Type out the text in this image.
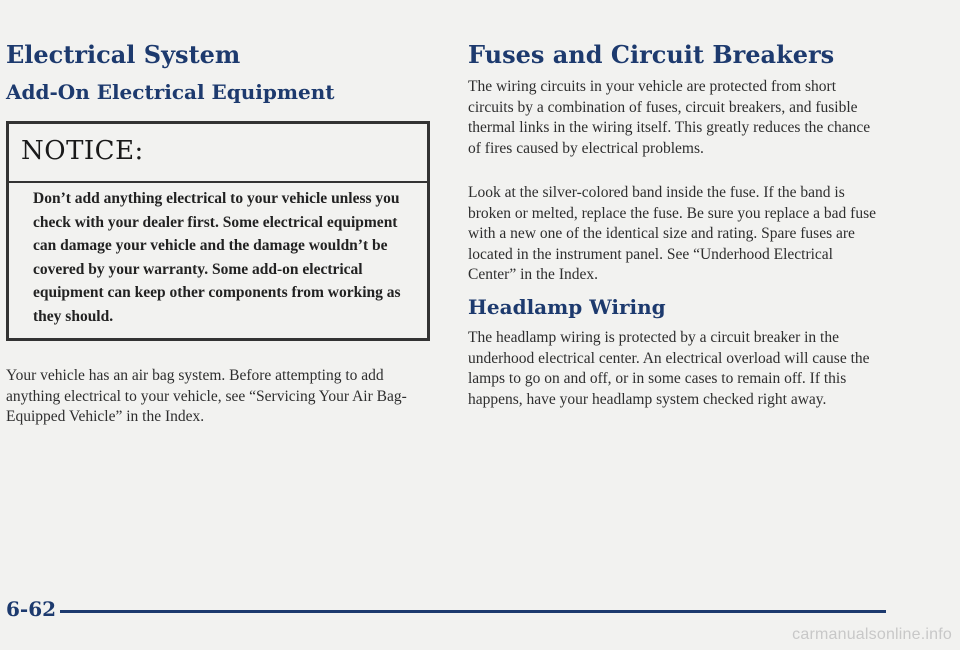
Electrical System
Add-On Electrical Equipment
NOTICE:

Don’t add anything electrical to your vehicle unless you check with your dealer first. Some electrical equipment can damage your vehicle and the damage wouldn’t be covered by your warranty. Some add-on electrical equipment can keep other components from working as they should.

Your vehicle has an air bag system. Before attempting to add anything electrical to your vehicle, see “Servicing Your Air Bag-Equipped Vehicle” in the Index.

Fuses and Circuit Breakers

The wiring circuits in your vehicle are protected from short circuits by a combination of fuses, circuit breakers, and fusible thermal links in the wiring itself. This greatly reduces the chance of fires caused by electrical problems.

Look at the silver-colored band inside the fuse. If the band is broken or melted, replace the fuse. Be sure you replace a bad fuse with a new one of the identical size and rating. Spare fuses are located in the instrument panel. See “Underhood Electrical Center” in the Index.

Headlamp Wiring

The headlamp wiring is protected by a circuit breaker in the underhood electrical center. An electrical overload will cause the lamps to go on and off, or in some cases to remain off. If this happens, have your headlamp system checked right away.

6-62
carmanualsonline.info
